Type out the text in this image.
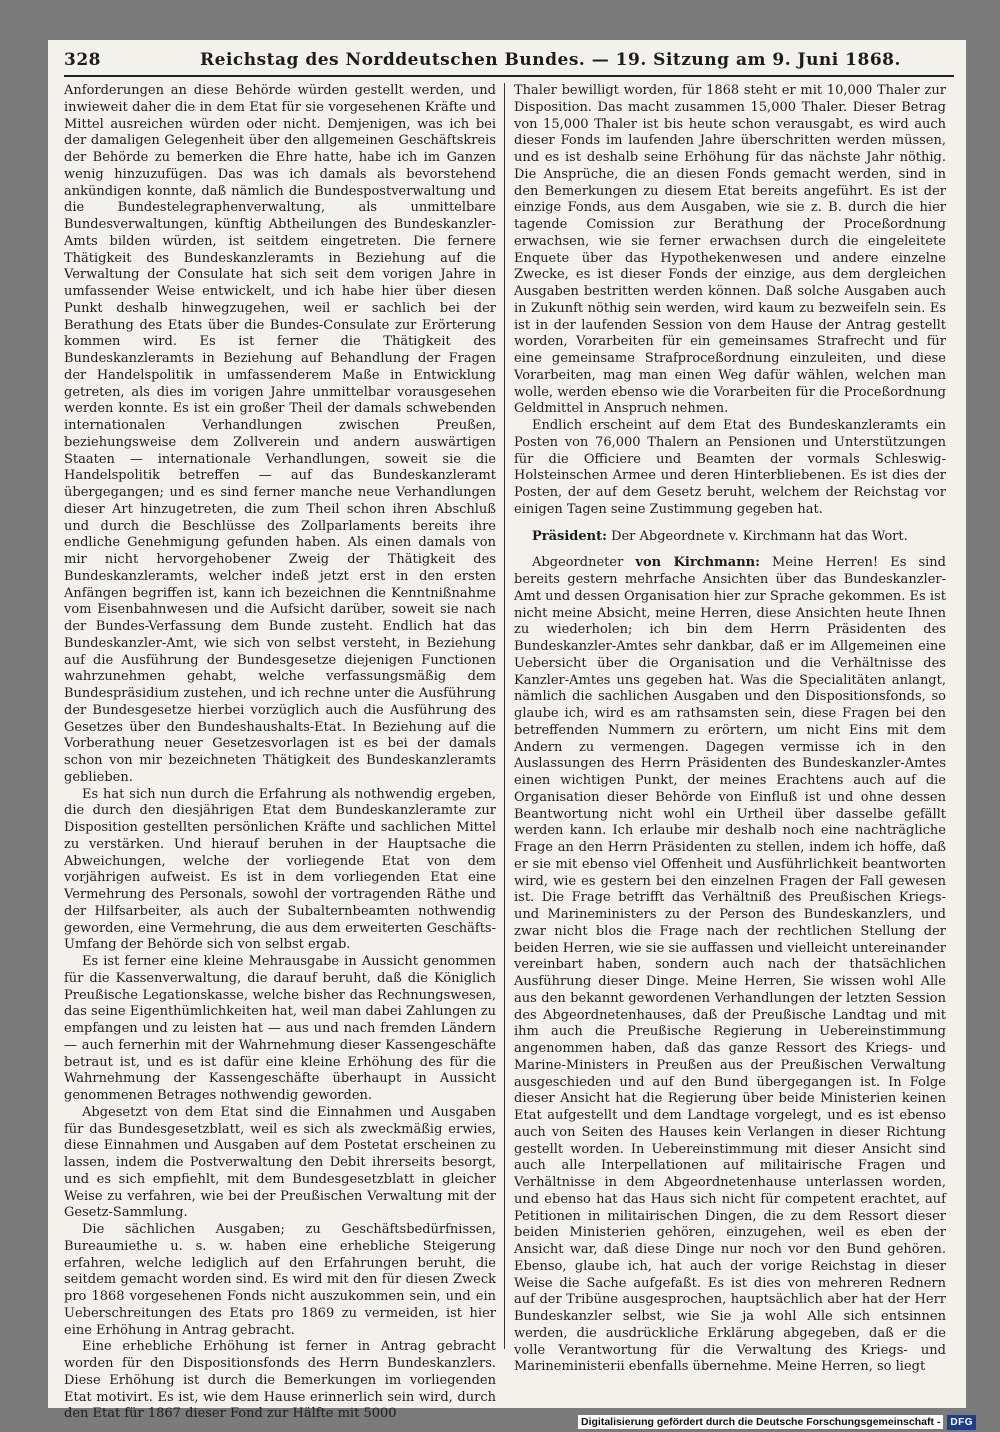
328	Reichstag des Norddeutschen Bundes. — 19. Sitzung am 9. Juni 1868.

Anforderungen an diese Behörde würden gestellt werden, und inwieweit daher die in dem Etat für sie vorgesehenen Kräfte und Mittel ausreichen würden oder nicht. Demjenigen, was ich bei der damaligen Gelegenheit über den allgemeinen Geschäftskreis der Behörde zu bemerken die Ehre hatte, habe ich im Ganzen wenig hinzuzufügen. Das was ich damals als bevorstehend ankündigen konnte, daß nämlich die Bundespostverwaltung und die Bundestelegraphenverwaltung, als unmittelbare Bundesverwaltungen, künftig Abtheilungen des Bundeskanzler-Amts bilden würden, ist seitdem eingetreten. Die fernere Thätigkeit des Bundeskanzleramts in Beziehung auf die Verwaltung der Consulate hat sich seit dem vorigen Jahre in umfassender Weise entwickelt, und ich habe hier über diesen Punkt deshalb hinwegzugehen, weil er sachlich bei der Berathung des Etats über die Bundes-Consulate zur Erörterung kommen wird. Es ist ferner die Thätigkeit des Bundeskanzleramts in Beziehung auf Behandlung der Fragen der Handelspolitik in umfassenderem Maße in Entwicklung getreten, als dies im vorigen Jahre unmittelbar vorausgesehen werden konnte. Es ist ein großer Theil der damals schwebenden internationalen Verhandlungen zwischen Preußen, beziehungsweise dem Zollverein und andern auswärtigen Staaten — internationale Verhandlungen, soweit sie die Handelspolitik betreffen — auf das Bundeskanzleramt übergegangen; und es sind ferner manche neue Verhandlungen dieser Art hinzugetreten, die zum Theil schon ihren Abschluß und durch die Beschlüsse des Zollparlaments bereits ihre endliche Genehmigung gefunden haben. Als einen damals von mir nicht hervorgehobener Zweig der Thätigkeit des Bundeskanzleramts, welcher indeß jetzt erst in den ersten Anfängen begriffen ist, kann ich bezeichnen die Kenntnißnahme vom Eisenbahnwesen und die Aufsicht darüber, soweit sie nach der Bundes-Verfassung dem Bunde zusteht. Endlich hat das Bundeskanzler-Amt, wie sich von selbst versteht, in Beziehung auf die Ausführung der Bundesgesetze diejenigen Functionen wahrzunehmen gehabt, welche verfassungsmäßig dem Bundespräsidium zustehen, und ich rechne unter die Ausführung der Bundesgesetze hierbei vorzüglich auch die Ausführung des Gesetzes über den Bundeshaushalts-Etat. In Beziehung auf die Vorberathung neuer Gesetzesvorlagen ist es bei der damals schon von mir bezeichneten Thätigkeit des Bundeskanzleramts geblieben.

Es hat sich nun durch die Erfahrung als nothwendig ergeben, die durch den diesjährigen Etat dem Bundeskanzleramte zur Disposition gestellten persönlichen Kräfte und sachlichen Mittel zu verstärken. Und hierauf beruhen in der Hauptsache die Abweichungen, welche der vorliegende Etat von dem vorjährigen aufweist. Es ist in dem vorliegenden Etat eine Vermehrung des Personals, sowohl der vortragenden Räthe und der Hilfsarbeiter, als auch der Subalternbeamten nothwendig geworden, eine Vermehrung, die aus dem erweiterten Geschäfts-Umfang der Behörde sich von selbst ergab.

Es ist ferner eine kleine Mehrausgabe in Aussicht genommen für die Kassenverwaltung, die darauf beruht, daß die Königlich Preußische Legationskasse, welche bisher das Rechnungswesen, das seine Eigenthümlichkeiten hat, weil man dabei Zahlungen zu empfangen und zu leisten hat — aus und nach fremden Ländern — auch fernerhin mit der Wahrnehmung dieser Kassengeschäfte betraut ist, und es ist dafür eine kleine Erhöhung des für die Wahrnehmung der Kassengeschäfte überhaupt in Aussicht genommenen Betrages nothwendig geworden.

Abgesetzt von dem Etat sind die Einnahmen und Ausgaben für das Bundesgesetzblatt, weil es sich als zweckmäßig erwies, diese Einnahmen und Ausgaben auf dem Postetat erscheinen zu lassen, indem die Postverwaltung den Debit ihrerseits besorgt, und es sich empfiehlt, mit dem Bundesgesetzblatt in gleicher Weise zu verfahren, wie bei der Preußischen Verwaltung mit der Gesetz-Sammlung.

Die sächlichen Ausgaben; zu Geschäftsbedürfnissen, Bureaumiethe u. s. w. haben eine erhebliche Steigerung erfahren, welche lediglich auf den Erfahrungen beruht, die seitdem gemacht worden sind. Es wird mit den für diesen Zweck pro 1868 vorgesehenen Fonds nicht auszukommen sein, und ein Ueberschreitungen des Etats pro 1869 zu vermeiden, ist hier eine Erhöhung in Antrag gebracht.

Eine erhebliche Erhöhung ist ferner in Antrag gebracht worden für den Dispositionsfonds des Herrn Bundeskanzlers. Diese Erhöhung ist durch die Bemerkungen im vorliegenden Etat motivirt. Es ist, wie dem Hause erinnerlich sein wird, durch den Etat für 1867 dieser Fond zur Hälfte mit 5000

Thaler bewilligt worden, für 1868 steht er mit 10,000 Thaler zur Disposition. Das macht zusammen 15,000 Thaler. Dieser Betrag von 15,000 Thaler ist bis heute schon verausgabt, es wird auch dieser Fonds im laufenden Jahre überschritten werden müssen, und es ist deshalb seine Erhöhung für das nächste Jahr nöthig. Die Ansprüche, die an diesen Fonds gemacht werden, sind in den Bemerkungen zu diesem Etat bereits angeführt. Es ist der einzige Fonds, aus dem Ausgaben, wie sie z. B. durch die hier tagende Comission zur Berathung der Proceßordnung erwachsen, wie sie ferner erwachsen durch die eingeleitete Enquete über das Hypothekenwesen und andere einzelne Zwecke, es ist dieser Fonds der einzige, aus dem dergleichen Ausgaben bestritten werden können. Daß solche Ausgaben auch in Zukunft nöthig sein werden, wird kaum zu bezweifeln sein. Es ist in der laufenden Session von dem Hause der Antrag gestellt worden, Vorarbeiten für ein gemeinsames Strafrecht und für eine gemeinsame Strafproceßordnung einzuleiten, und diese Vorarbeiten, mag man einen Weg dafür wählen, welchen man wolle, werden ebenso wie die Vorarbeiten für die Proceßordnung Geldmittel in Anspruch nehmen.

Endlich erscheint auf dem Etat des Bundeskanzleramts ein Posten von 76,000 Thalern an Pensionen und Unterstützungen für die Officiere und Beamten der vormals Schleswig-Holsteinschen Armee und deren Hinterbliebenen. Es ist dies der Posten, der auf dem Gesetz beruht, welchem der Reichstag vor einigen Tagen seine Zustimmung gegeben hat.

Präsident: Der Abgeordnete v. Kirchmann hat das Wort.

Abgeordneter von Kirchmann: Meine Herren! Es sind bereits gestern mehrfache Ansichten über das Bundeskanzler-Amt und dessen Organisation hier zur Sprache gekommen. Es ist nicht meine Absicht, meine Herren, diese Ansichten heute Ihnen zu wiederholen; ich bin dem Herrn Präsidenten des Bundeskanzler-Amtes sehr dankbar, daß er im Allgemeinen eine Uebersicht über die Organisation und die Verhältnisse des Kanzler-Amtes uns gegeben hat. Was die Specialitäten anlangt, nämlich die sachlichen Ausgaben und den Dispositionsfonds, so glaube ich, wird es am rathsamsten sein, diese Fragen bei den betreffenden Nummern zu erörtern, um nicht Eins mit dem Andern zu vermengen. Dagegen vermisse ich in den Auslassungen des Herrn Präsidenten des Bundeskanzler-Amtes einen wichtigen Punkt, der meines Erachtens auch auf die Organisation dieser Behörde von Einfluß ist und ohne dessen Beantwortung nicht wohl ein Urtheil über dasselbe gefällt werden kann. Ich erlaube mir deshalb noch eine nachträgliche Frage an den Herrn Präsidenten zu stellen, indem ich hoffe, daß er sie mit ebenso viel Offenheit und Ausführlichkeit beantworten wird, wie es gestern bei den einzelnen Fragen der Fall gewesen ist. Die Frage betrifft das Verhältniß des Preußischen Kriegs- und Marineministers zu der Person des Bundeskanzlers, und zwar nicht blos die Frage nach der rechtlichen Stellung der beiden Herren, wie sie sie auffassen und vielleicht untereinander vereinbart haben, sondern auch nach der thatsächlichen Ausführung dieser Dinge. Meine Herren, Sie wissen wohl Alle aus den bekannt gewordenen Verhandlungen der letzten Session des Abgeordnetenhauses, daß der Preußische Landtag und mit ihm auch die Preußische Regierung in Uebereinstimmung angenommen haben, daß das ganze Ressort des Kriegs- und Marine-Ministers in Preußen aus der Preußischen Verwaltung ausgeschieden und auf den Bund übergegangen ist. In Folge dieser Ansicht hat die Regierung über beide Ministerien keinen Etat aufgestellt und dem Landtage vorgelegt, und es ist ebenso auch von Seiten des Hauses kein Verlangen in dieser Richtung gestellt worden. In Uebereinstimmung mit dieser Ansicht sind auch alle Interpellationen auf militairische Fragen und Verhältnisse in dem Abgeordnetenhause unterlassen worden, und ebenso hat das Haus sich nicht für competent erachtet, auf Petitionen in militairischen Dingen, die zu dem Ressort dieser beiden Ministerien gehören, einzugehen, weil es eben der Ansicht war, daß diese Dinge nur noch vor den Bund gehören. Ebenso, glaube ich, hat auch der vorige Reichstag in dieser Weise die Sache aufgefaßt. Es ist dies von mehreren Rednern auf der Tribüne ausgesprochen, hauptsächlich aber hat der Herr Bundeskanzler selbst, wie Sie ja wohl Alle sich entsinnen werden, die ausdrückliche Erklärung abgegeben, daß er die volle Verantwortung für die Verwaltung des Kriegs- und Marineministerii ebenfalls übernehme. Meine Herren, so liegt

Digitalisierung gefördert durch die Deutsche Forschungsgemeinschaft -	DFG
